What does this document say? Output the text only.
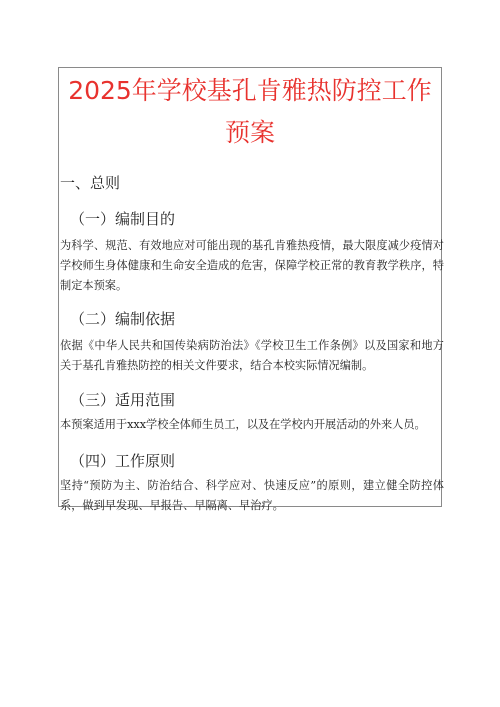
2025年学校基孔肯雅热防控工作
预案
一、总则
（一）编制目的

为科学、规范、有效地应对可能出现的基孔肯雅热疫情，最大限度减少疫情对学校师生身体健康和生命安全造成的危害，保障学校正常的教育教学秩序，特制定本预案。

（二）编制依据

依据《中华人民共和国传染病防治法》《学校卫生工作条例》以及国家和地方关于基孔肯雅热防控的相关文件要求，结合本校实际情况编制。

（三）适用范围

本预案适用于xxx学校全体师生员工，以及在学校内开展活动的外来人员。

（四）工作原则

坚持“预防为主、防治结合、科学应对、快速反应”的原则，建立健全防控体系，做到早发现、早报告、早隔离、早治疗。
